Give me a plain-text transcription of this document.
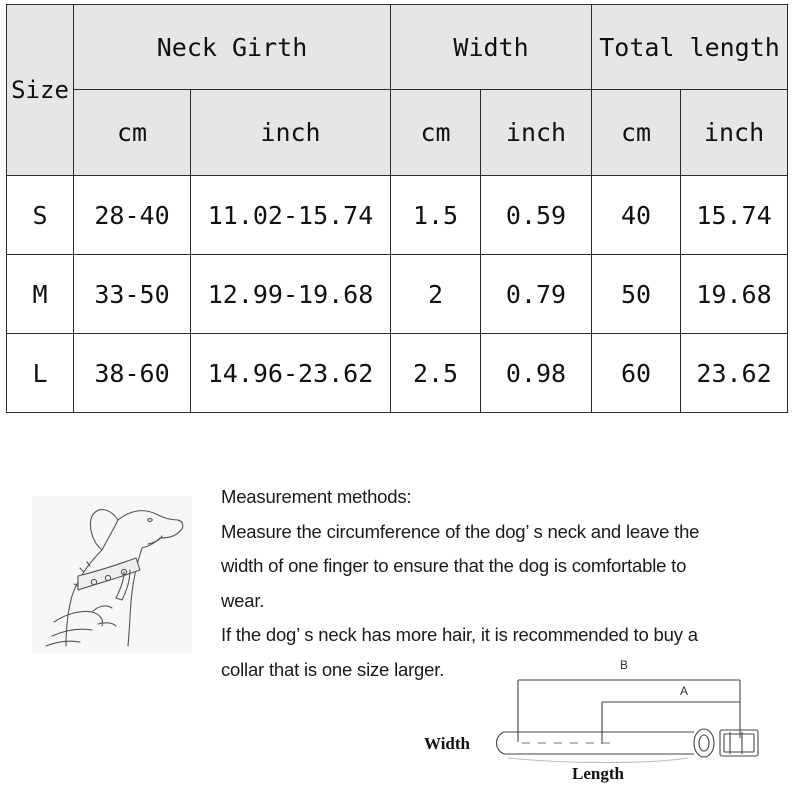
Size	Neck Girth		Width		Total length	
	cm	inch	cm	inch	cm	inch
S	28-40	11.02-15.74	1.5	0.59	40	15.74
M	33-50	12.99-19.68	2	0.79	50	19.68
L	38-60	14.96-23.62	2.5	0.98	60	23.62

Measurement methods:

Measure the circumference of the dog’ s neck and leave the

width of one finger to ensure that the dog is comfortable to

wear.

If the dog’ s neck has more hair, it is recommended to buy a

collar that is one size larger.	B
A
Width
Length
